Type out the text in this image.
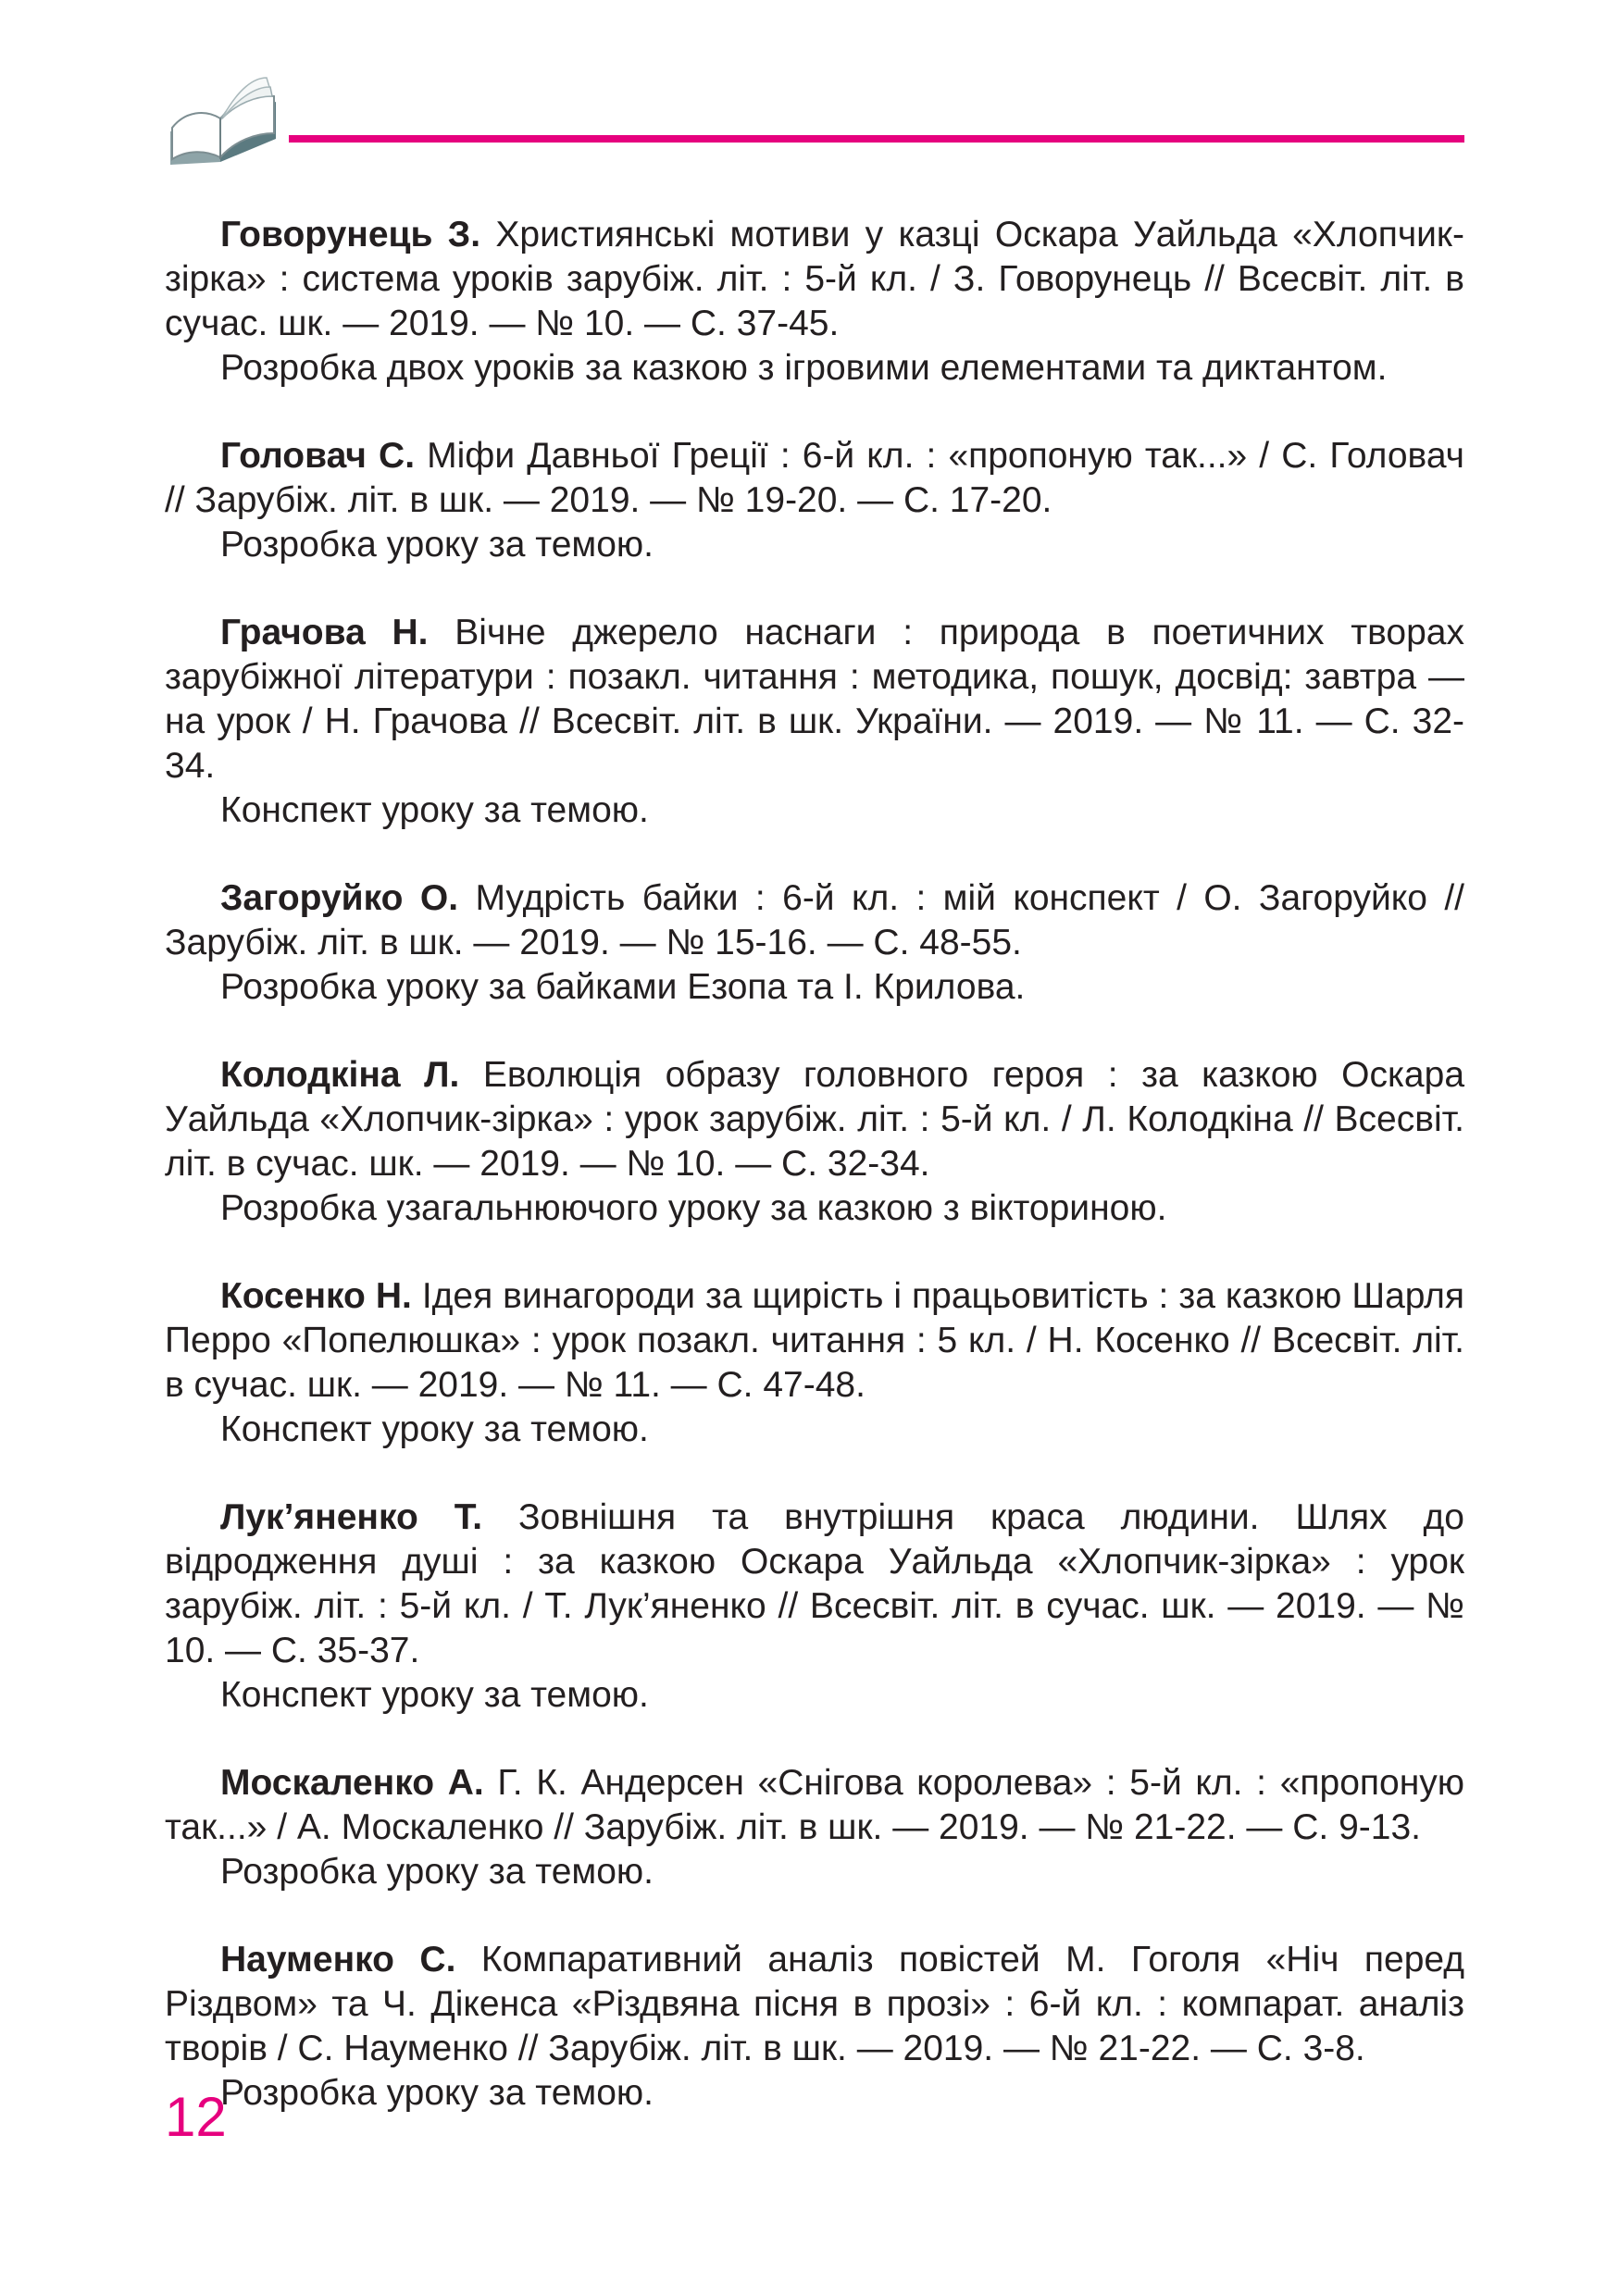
Говорунець З. Християнські мотиви у казці Оскара Уайльда «Хлопчик-зірка» : система уроків зарубіж. літ. : 5-й кл. / З. Говорунець // Всесвіт. літ. в сучас. шк. — 2019. — № 10. — С. 37-45.

Розробка двох уроків за казкою з ігровими елементами та диктантом.

Головач С. Міфи Давньої Греції : 6-й кл. : «пропоную так...» / С. Головач // Зарубіж. літ. в шк. — 2019. — № 19-20. — С. 17-20.

Розробка уроку за темою.

Грачова Н. Вічне джерело наснаги : природа в поетичних творах зарубіжної літератури : позакл. читання : методика, пошук, досвід: завтра — на урок / Н. Грачова // Всесвіт. літ. в шк. України. — 2019. — № 11. — С. 32-34.

Конспект уроку за темою.

Загоруйко О. Мудрість байки : 6-й кл. : мій конспект / О. Загоруйко // Зарубіж. літ. в шк. — 2019. — № 15-16. — С. 48-55.

Розробка уроку за байками Езопа та І. Крилова.

Колодкіна Л. Еволюція образу головного героя : за казкою Оскара Уайльда «Хлопчик-зірка» : урок зарубіж. літ. : 5-й кл. / Л. Колодкіна // Всесвіт. літ. в сучас. шк. — 2019. — № 10. — С. 32-34.

Розробка узагальнюючого уроку за казкою з вікториною.

Косенко Н. Ідея винагороди за щирість і працьовитість : за казкою Шарля Перро «Попелюшка» : урок позакл. читання : 5 кл. / Н. Косенко // Всесвіт. літ. в сучас. шк. — 2019. — № 11. — С. 47-48.

Конспект уроку за темою.

Лук’яненко Т. Зовнішня та внутрішня краса людини. Шлях до відродження душі : за казкою Оскара Уайльда «Хлопчик-зірка» : урок зарубіж. літ. : 5-й кл. / Т. Лук’яненко // Всесвіт. літ. в сучас. шк. — 2019. — № 10. — С. 35-37.

Конспект уроку за темою.

Москаленко А. Г. К. Андерсен «Снігова королева» : 5-й кл. : «пропоную так...» / А. Москаленко // Зарубіж. літ. в шк. — 2019. — № 21-22. — С. 9-13.

Розробка уроку за темою.

Науменко С. Компаративний аналіз повістей М. Гоголя «Ніч перед Різдвом» та Ч. Дікенса «Різдвяна пісня в прозі» : 6-й кл. : компарат. аналіз творів / С. Науменко // Зарубіж. літ. в шк. — 2019. — № 21-22. — С. 3-8.

Розробка уроку за темою.

12
